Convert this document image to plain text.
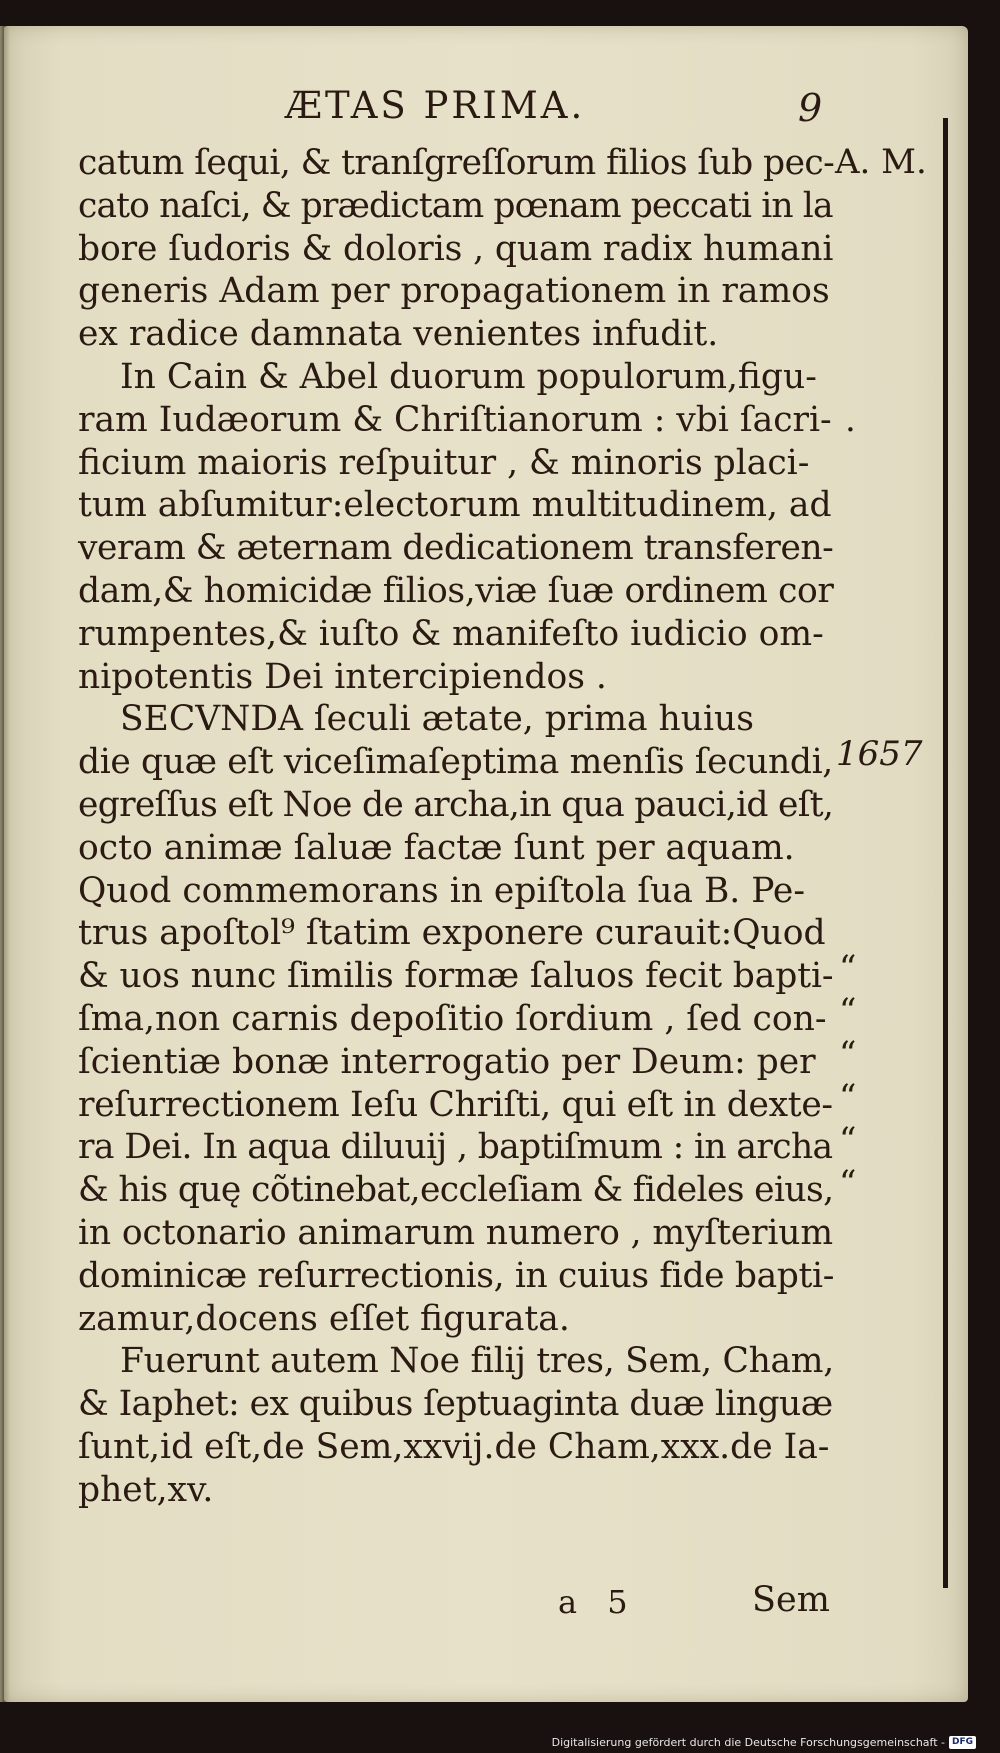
ÆTAS PRIMA.	9
catum ſequi, & tranſgreſſorum filios ſub pec-
cato naſci, & prædictam pœnam peccati in la
bore ſudoris & doloris , quam radix humani
generis Adam per propagationem in ramos
ex radice damnata venientes infudit.
In Cain & Abel duorum populorum,figu-
ram Iudæorum & Chriſtianorum : vbi ſacri-
ficium maioris reſpuitur , & minoris placi-
tum abſumitur:electorum multitudinem, ad
veram & æternam dedicationem transferen-
dam,& homicidæ filios,viæ ſuæ ordinem cor
rumpentes,& iuſto & manifeſto iudicio om-
nipotentis Dei intercipiendos .
SECVNDA ſeculi ætate, prima huius
die quæ eſt viceſimaſeptima menſis ſecundi,
egreſſus eſt Noe de archa,in qua pauci,id eſt,
octo animæ ſaluæ factæ ſunt per aquam.
Quod commemorans in epiſtola ſua B. Pe-
trus apoſtol⁹ ſtatim exponere curauit:Quod
& uos nunc ſimilis formæ ſaluos fecit bapti-
ſma,non carnis depoſitio ſordium , ſed con-
ſcientiæ bonæ interrogatio per Deum: per
reſurrectionem Ieſu Chriſti, qui eſt in dexte-
ra Dei. In aqua diluuij , baptiſmum : in archa
& his quę cõtinebat,eccleſiam & fideles eius,
in octonario animarum numero , myſterium
dominicæ reſurrectionis, in cuius fide bapti-
zamur,docens eſſet figurata.
Fuerunt autem Noe filij tres, Sem, Cham,
& Iaphet: ex quibus ſeptuaginta duæ linguæ
ſunt,id eſt,de Sem,xxvij.de Cham,xxx.de Ia-
phet,xv.
A. M.
.
1657
“
“
“
“
“
“
a 5	Sem
Digitalisierung gefördert durch die Deutsche Forschungsgemeinschaft - DFG
